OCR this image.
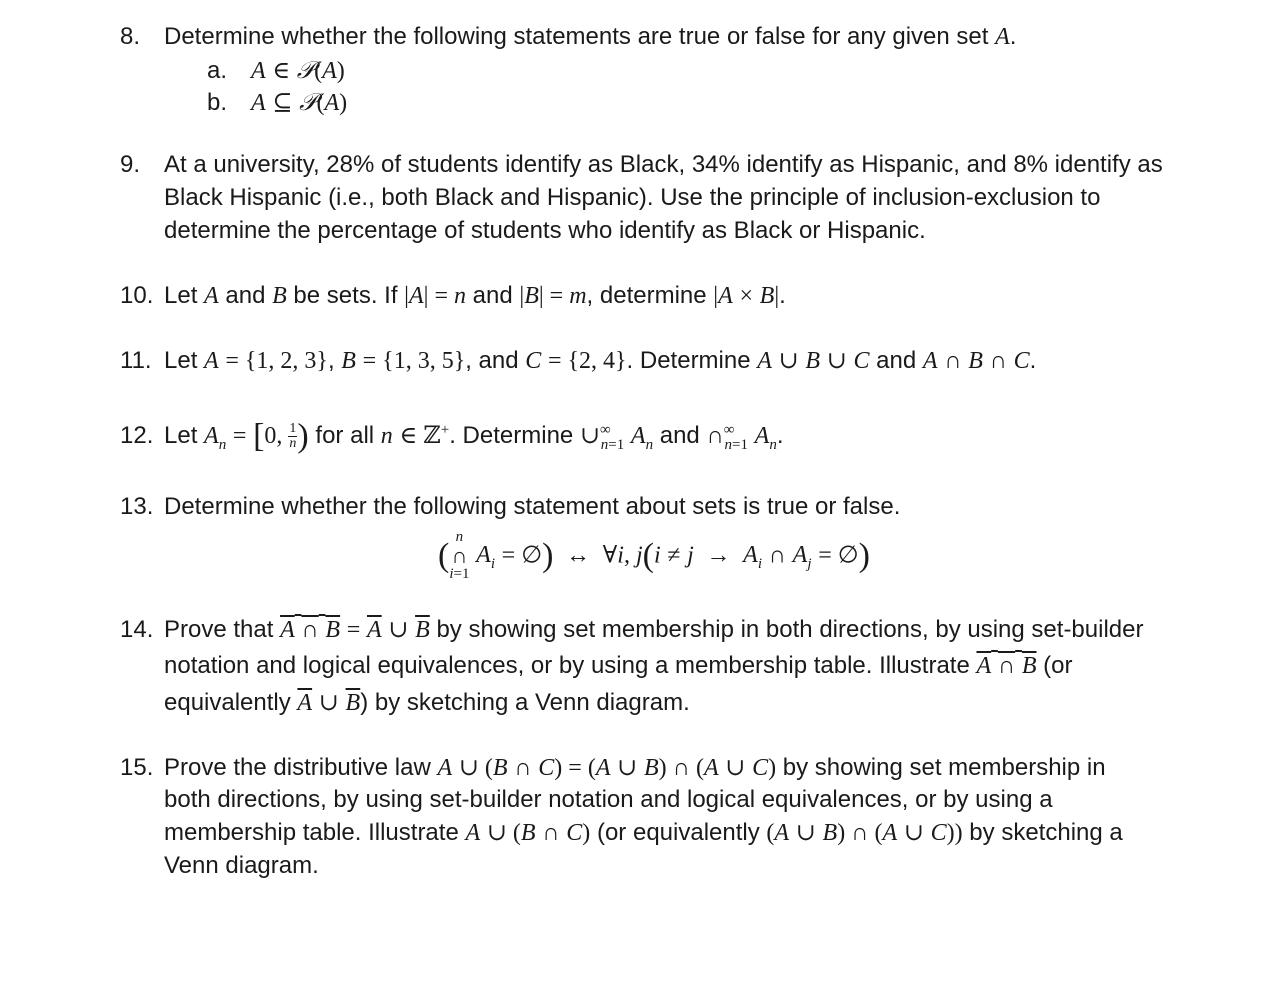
8. Determine whether the following statements are true or false for any given set A.
a. A ∈ 𝒫(A)
b. A ⊆ 𝒫(A)
9. At a university, 28% of students identify as Black, 34% identify as Hispanic, and 8% identify as
Black Hispanic (i.e., both Black and Hispanic). Use the principle of inclusion-exclusion to
determine the percentage of students who identify as Black or Hispanic.
10. Let A and B be sets. If |A| = n and |B| = m, determine |A × B|.
11. Let A = {1, 2, 3}, B = {1, 3, 5}, and C = {2, 4}. Determine A ∪ B ∪ C and A ∩ B ∩ C.
12. Let $A_n = [0$, $\frac{1}{n}$ ) for all n ∈ ℤ+. Determine $\cup^\infty_{n=1}$ $A_n$ and $\cap^\infty_{n=1}$ $A_n$.
13. Determine whether the following statement about sets is true or false.
( n
∩
i=1
$A_i$ = ∅)  ↔  ∀i, $j(i \ne j \to A_i$ ∩ $A_j$ = ∅)
14. Prove that A ∩ $B = \overline{A}$ ∪ $\overline{B}$ by showing set membership in both directions, by using set-builder
notation and logical equivalences, or by using a membership table. Illustrate A ∩ B (or
equivalently $\overline{A}$ ∪ $\overline{B}$) by sketching a Venn diagram.
15. Prove the distributive law A ∪ (B ∩ C) = (A ∪ B) ∩ (A ∪ C) by showing set membership in
both directions, by using set-builder notation and logical equivalences, or by using a
membership table. Illustrate A ∪ (B ∩ C) (or equivalently (A ∪ B) ∩ (A ∪ C)) by sketching a
Venn diagram.
